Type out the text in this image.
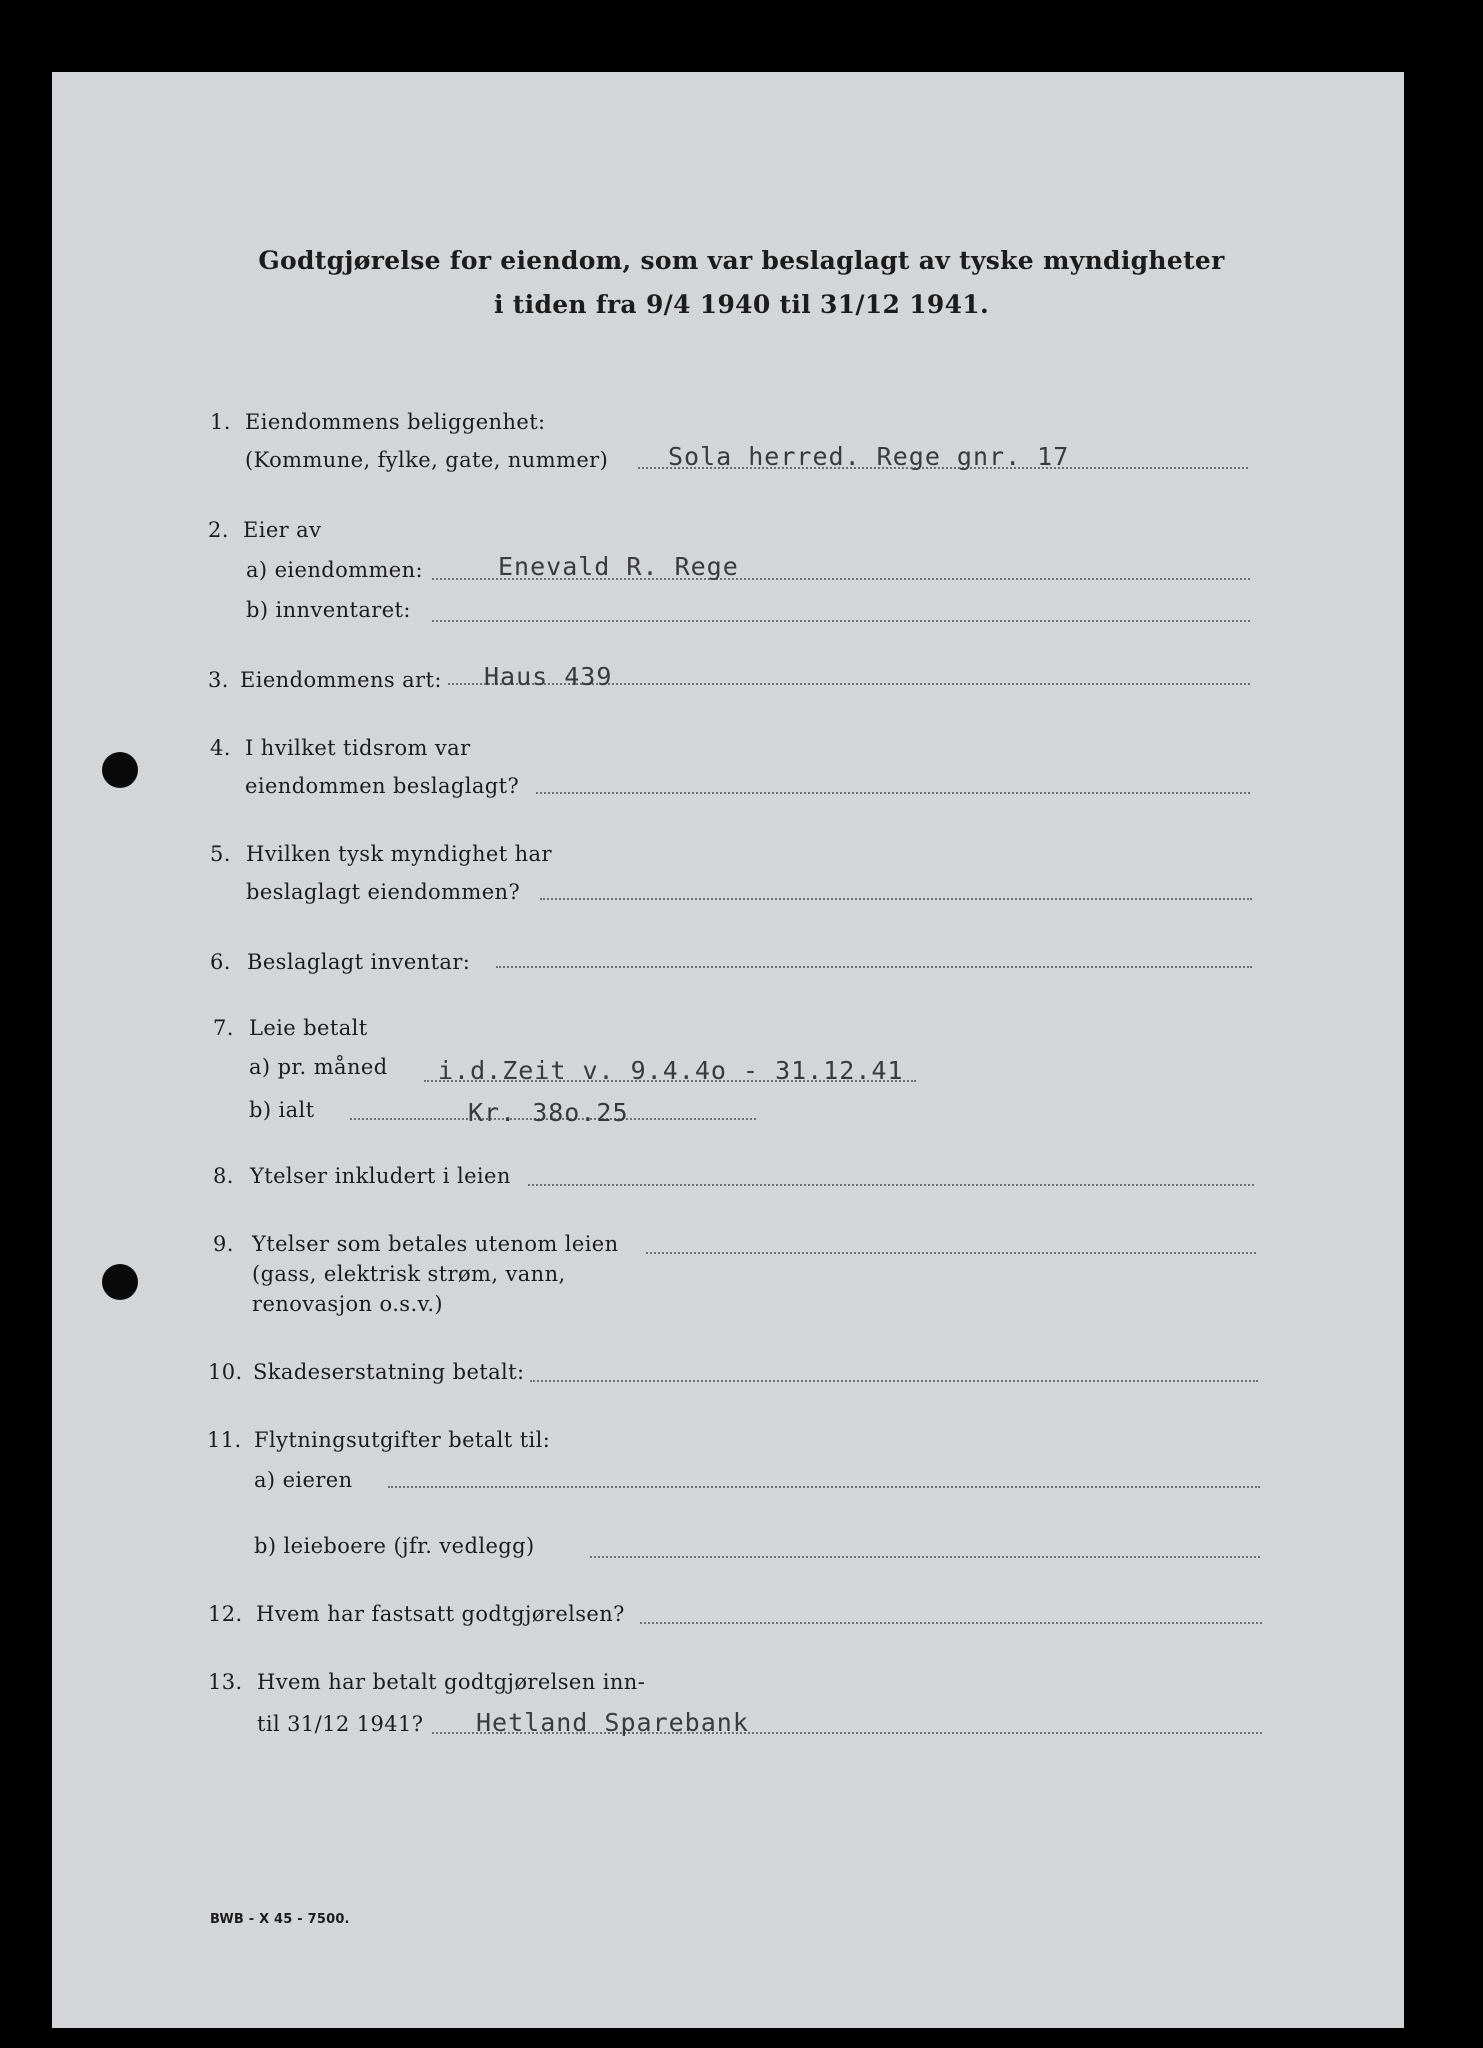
Godtgjørelse for eiendom, som var beslaglagt av tyske myndigheter
i tiden fra 9/4 1940 til 31/12 1941.
1. Eiendommens beliggenhet:
(Kommune, fylke, gate, nummer) Sola herred. Rege gnr. 17
2. Eier av
a) eiendommen:	Enevald R. Rege
b) innventaret:
3. Eiendommens art: Haus 439
4. I hvilket tidsrom var
eiendommen beslaglagt?
5. Hvilken tysk myndighet har
beslaglagt eiendommen?
6. Beslaglagt inventar:
7. Leie betalt
a) pr. måned i.d.Zeit v. 9.4.4o - 31.12.41
b) ialt	Kr. 38o.25
8. Ytelser inkludert i leien
9. Ytelser som betales utenom leien
(gass, elektrisk strøm, vann,
renovasjon o.s.v.)
10. Skadeserstatning betalt:
11. Flytningsutgifter betalt til:
a) eieren
b) leieboere (jfr. vedlegg)
12. Hvem har fastsatt godtgjørelsen?
13. Hvem har betalt godtgjørelsen inn-
til 31/12 1941? Hetland Sparebank
BWB - X 45 - 7500.
